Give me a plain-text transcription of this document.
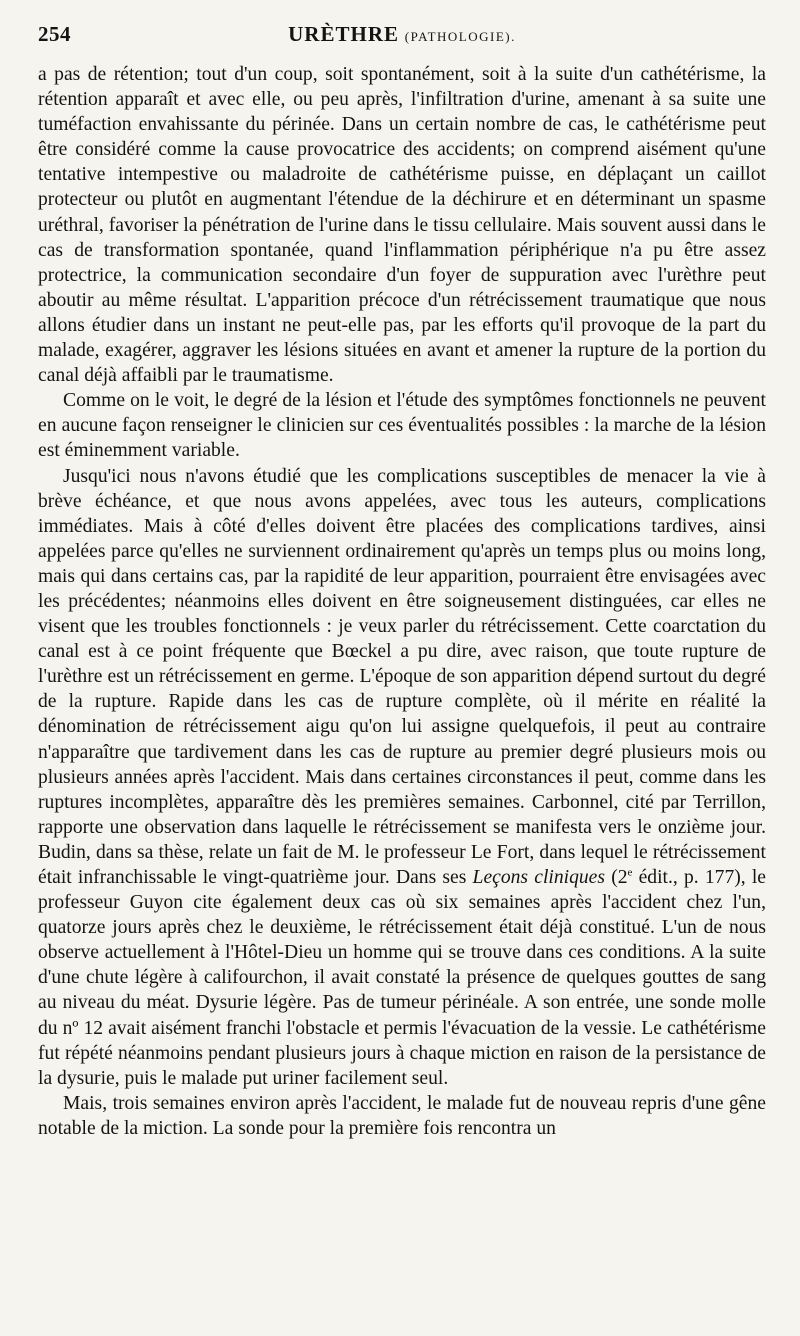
254	URÈTHRE (PATHOLOGIE).

a pas de rétention; tout d'un coup, soit spontanément, soit à la suite d'un cathétérisme, la rétention apparaît et avec elle, ou peu après, l'infiltration d'urine, amenant à sa suite une tuméfaction envahissante du périnée. Dans un certain nombre de cas, le cathétérisme peut être considéré comme la cause provocatrice des accidents; on comprend aisément qu'une tentative intempestive ou maladroite de cathétérisme puisse, en déplaçant un caillot protecteur ou plutôt en augmentant l'étendue de la déchirure et en déterminant un spasme uréthral, favoriser la pénétration de l'urine dans le tissu cellulaire. Mais souvent aussi dans le cas de transformation spontanée, quand l'inflammation périphérique n'a pu être assez protectrice, la communication secondaire d'un foyer de suppuration avec l'urèthre peut aboutir au même résultat. L'apparition précoce d'un rétrécissement traumatique que nous allons étudier dans un instant ne peut-elle pas, par les efforts qu'il provoque de la part du malade, exagérer, aggraver les lésions situées en avant et amener la rupture de la portion du canal déjà affaibli par le traumatisme.

Comme on le voit, le degré de la lésion et l'étude des symptômes fonctionnels ne peuvent en aucune façon renseigner le clinicien sur ces éventualités possibles : la marche de la lésion est éminemment variable.

Jusqu'ici nous n'avons étudié que les complications susceptibles de menacer la vie à brève échéance, et que nous avons appelées, avec tous les auteurs, complications immédiates. Mais à côté d'elles doivent être placées des complications tardives, ainsi appelées parce qu'elles ne surviennent ordinairement qu'après un temps plus ou moins long, mais qui dans certains cas, par la rapidité de leur apparition, pourraient être envisagées avec les précédentes; néanmoins elles doivent en être soigneusement distinguées, car elles ne visent que les troubles fonctionnels : je veux parler du rétrécissement. Cette coarctation du canal est à ce point fréquente que Bœckel a pu dire, avec raison, que toute rupture de l'urèthre est un rétrécissement en germe. L'époque de son apparition dépend surtout du degré de la rupture. Rapide dans les cas de rupture complète, où il mérite en réalité la dénomination de rétrécissement aigu qu'on lui assigne quelquefois, il peut au contraire n'apparaître que tardivement dans les cas de rupture au premier degré plusieurs mois ou plusieurs années après l'accident. Mais dans certaines circonstances il peut, comme dans les ruptures incomplètes, apparaître dès les premières semaines. Carbonnel, cité par Terrillon, rapporte une observation dans laquelle le rétrécissement se manifesta vers le onzième jour. Budin, dans sa thèse, relate un fait de M. le professeur Le Fort, dans lequel le rétrécissement était infranchissable le vingt-quatrième jour. Dans ses Leçons cliniques (2e édit., p. 177), le professeur Guyon cite également deux cas où six semaines après l'accident chez l'un, quatorze jours après chez le deuxième, le rétrécissement était déjà constitué. L'un de nous observe actuellement à l'Hôtel-Dieu un homme qui se trouve dans ces conditions. A la suite d'une chute légère à califourchon, il avait constaté la présence de quelques gouttes de sang au niveau du méat. Dysurie légère. Pas de tumeur périnéale. A son entrée, une sonde molle du nº 12 avait aisément franchi l'obstacle et permis l'évacuation de la vessie. Le cathétérisme fut répété néanmoins pendant plusieurs jours à chaque miction en raison de la persistance de la dysurie, puis le malade put uriner facilement seul.

Mais, trois semaines environ après l'accident, le malade fut de nouveau repris d'une gêne notable de la miction. La sonde pour la première fois rencontra un
